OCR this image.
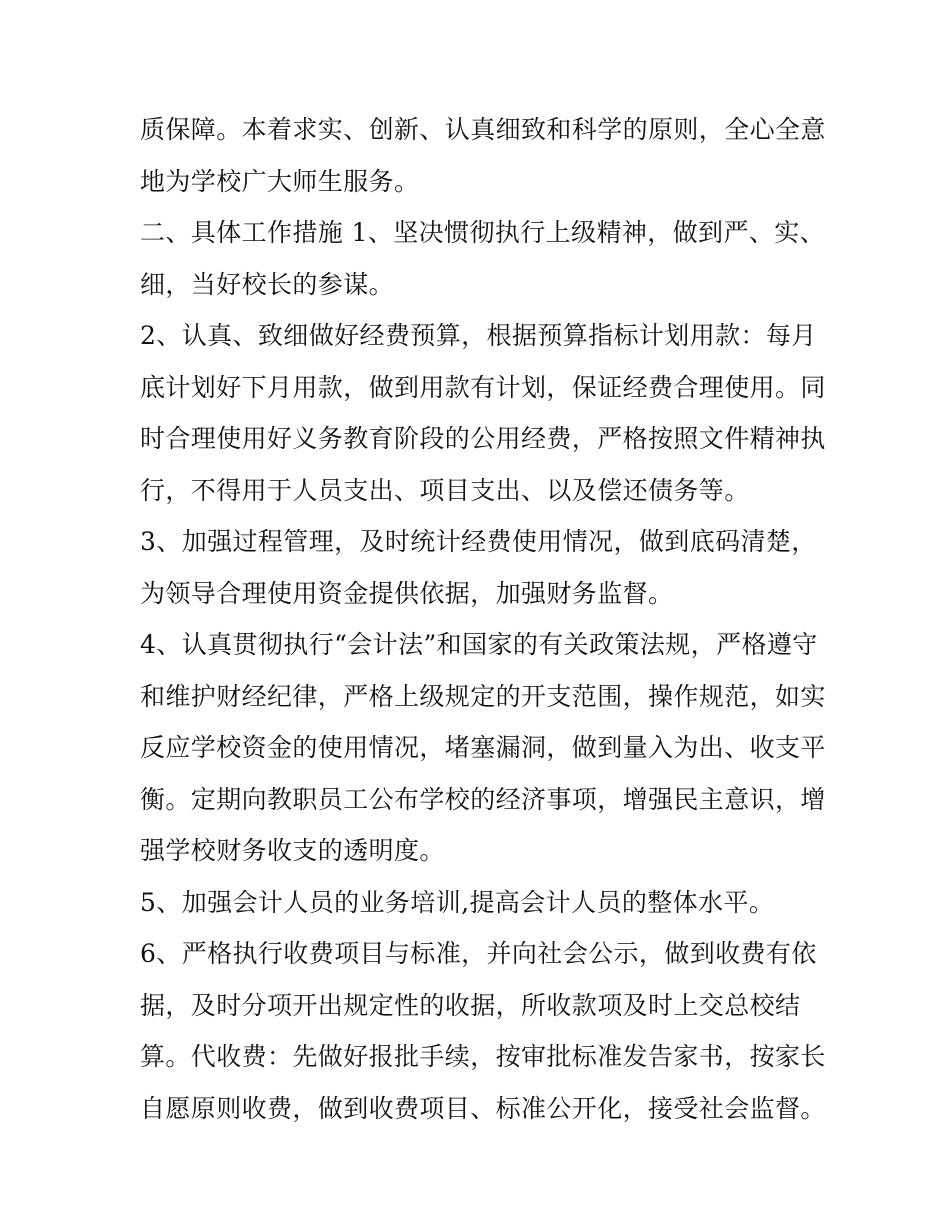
质保障。本着求实、创新、认真细致和科学的原则，全心全意
地为学校广大师生服务。
二、具体工作措施 1、坚决惯彻执行上级精神，做到严、实、
细，当好校长的参谋。
2、认真、致细做好经费预算，根据预算指标计划用款：每月
底计划好下月用款，做到用款有计划，保证经费合理使用。同
时合理使用好义务教育阶段的公用经费，严格按照文件精神执
行，不得用于人员支出、项目支出、以及偿还债务等。
3、加强过程管理，及时统计经费使用情况，做到底码清楚，
为领导合理使用资金提供依据，加强财务监督。
4、认真贯彻执行“会计法”和国家的有关政策法规，严格遵守
和维护财经纪律，严格上级规定的开支范围，操作规范，如实
反应学校资金的使用情况，堵塞漏洞，做到量入为出、收支平
衡。定期向教职员工公布学校的经济事项，增强民主意识，增
强学校财务收支的透明度。
5、加强会计人员的业务培训,提高会计人员的整体水平。
6、严格执行收费项目与标准，并向社会公示，做到收费有依
据，及时分项开出规定性的收据，所收款项及时上交总校结
算。代收费：先做好报批手续，按审批标准发告家书，按家长
自愿原则收费，做到收费项目、标准公开化，接受社会监督。
